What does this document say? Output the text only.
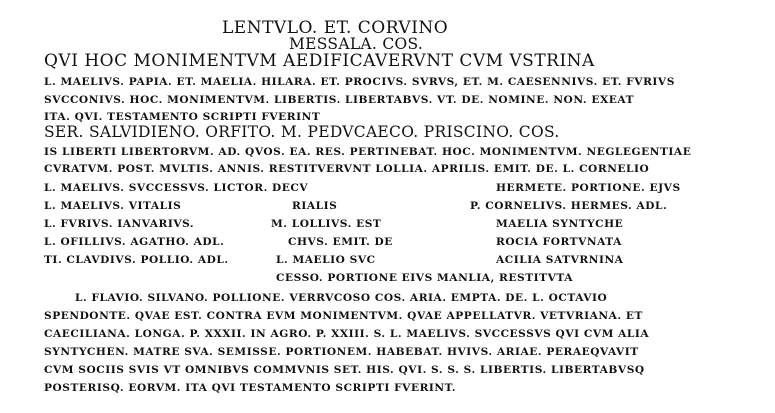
LENTVLO. ET. CORVINO
MESSALA. COS.
QVI HOC MONIMENTVM AEDIFICAVERVNT CVM VSTRINA
L. MAELIVS. PAPIA. ET. MAELIA. HILARA. ET. PROCIVS. SVRVS, ET. M. CAESENNIVS. ET. FVRIVS
SVCCONIVS. HOC. MONIMENTVM. LIBERTIS. LIBERTABVS. VT. DE. NOMINE. NON. EXEAT
ITA. QVI. TESTAMENTO SCRIPTI FVERINT
SER. SALVIDIENO. ORFITO. M. PEDVCAECO. PRISCINO. COS.
IS LIBERTI LIBERTORVM. AD. QVOS. EA. RES. PERTINEBAT. HOC. MONIMENTVM. NEGLEGENTIAE
CVRATVM. POST. MVLTIS. ANNIS. RESTITVERVNT LOLLIA. APRILIS. EMIT. DE. L. CORNELIO
L. MAELIVS. SVCCESSVS. LICTOR. DECV
L. MAELIVS. VITALIS
L. FVRIVS. IANVARIVS.
L. OFILLIVS. AGATHO. ADL.
TI. CLAVDIVS. POLLIO. ADL.
RIALIS
M. LOLLIVS. EST
CHVS. EMIT. DE
L. MAELIO SVC
HERMETE. PORTIONE. EJVS
P. CORNELIVS. HERMES. ADL.
MAELIA SYNTYCHE
ROCIA FORTVNATA
ACILIA SATVRNINA
CESSO. PORTIONE EIVS MANLIA, RESTITVTA
L. FLAVIO. SILVANO. POLLIONE. VERRVCOSO COS. ARIA. EMPTA. DE. L. OCTAVIO
SPENDONTE. QVAE EST. CONTRA EVM MONIMENTVM. QVAE APPELLATVR. VETVRIANA. ET
CAECILIANA. LONGA. P. XXXII. IN AGRO. P. XXIII. S. L. MAELIVS. SVCCESSVS QVI CVM ALIA
SYNTYCHEN. MATRE SVA. SEMISSE. PORTIONEM. HABEBAT. HVIVS. ARIAE. PERAEQVAVIT
CVM SOCIIS SVIS VT OMNIBVS COMMVNIS SET. HIS. QVI. S. S. S. LIBERTIS. LIBERTABVSQ
POSTERISQ. EORVM. ITA QVI TESTAMENTO SCRIPTI FVERINT.
